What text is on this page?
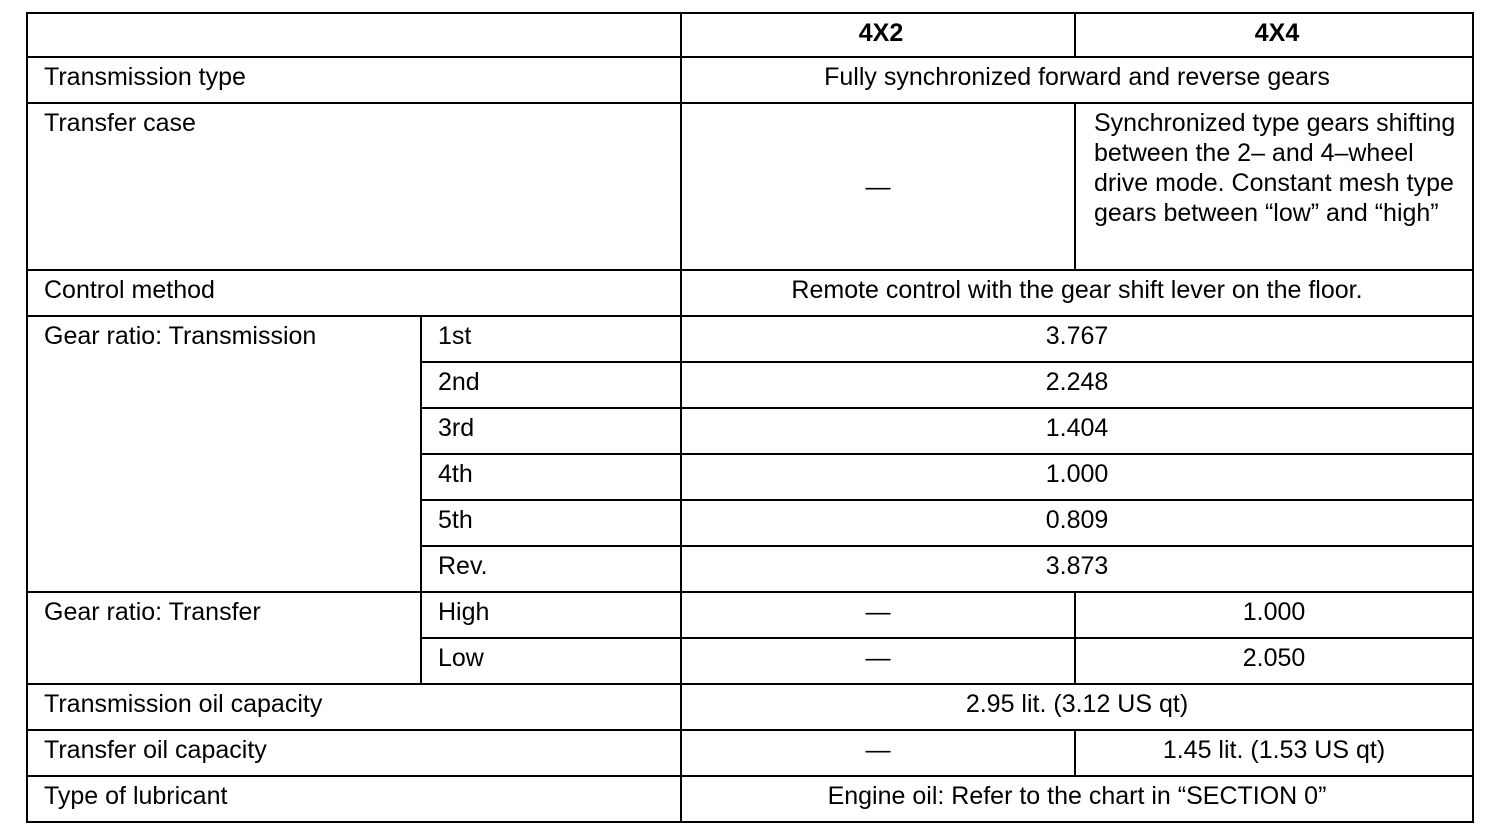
		4X2	4X4
Transmission type		Fully synchronized forward and reverse gears	
Transfer case		—	Synchronized type gears shifting between the 2– and 4–wheel drive mode. Constant mesh type gears between “low” and “high”
Control method		Remote control with the gear shift lever on the floor.	
Gear ratio: Transmission	1st	3.767	
	2nd	2.248	
	3rd	1.404	
	4th	1.000	
	5th	0.809	
	Rev.	3.873	
Gear ratio: Transfer	High	—	1.000
	Low	—	2.050
Transmission oil capacity		2.95 lit. (3.12 US qt)	
Transfer oil capacity		—	1.45 lit. (1.53 US qt)
Type of lubricant		Engine oil: Refer to the chart in “SECTION 0”	
